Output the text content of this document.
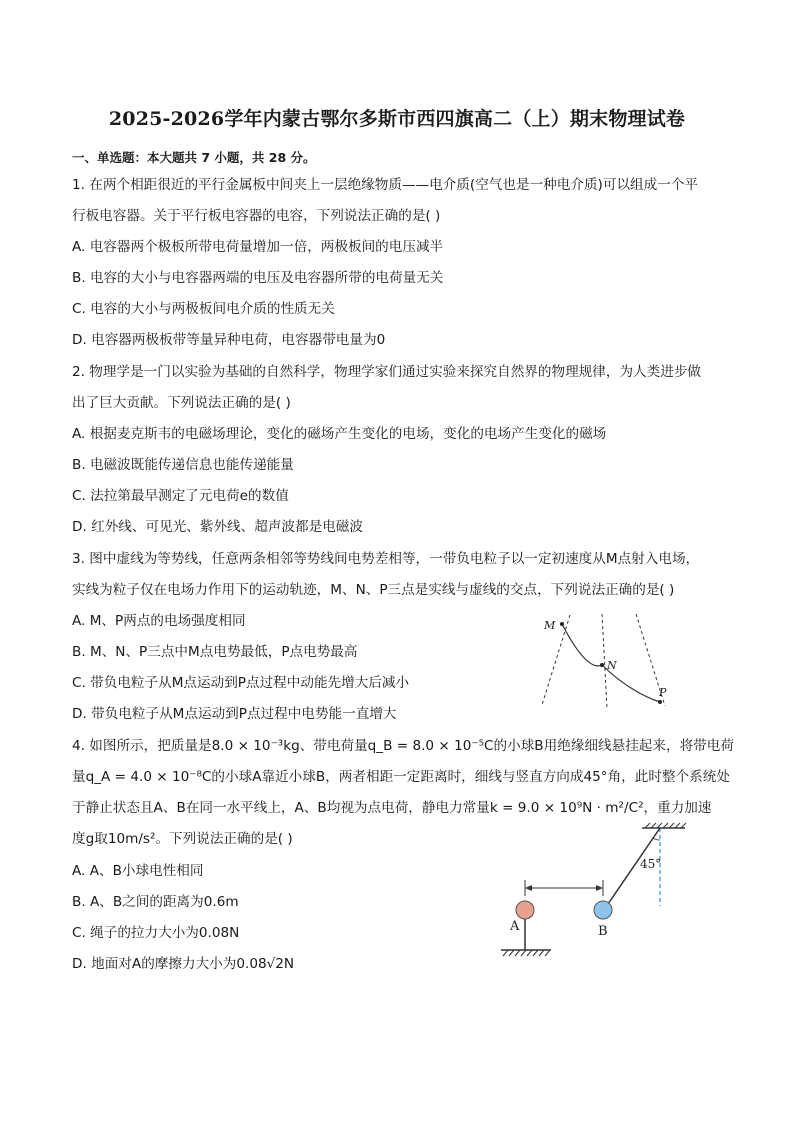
2025-2026学年内蒙古鄂尔多斯市西四旗高二（上）期末物理试卷
一、单选题：本大题共 7 小题，共 28 分。
1. 在两个相距很近的平行金属板中间夹上一层绝缘物质——电介质(空气也是一种电介质)可以组成一个平
行板电容器。关于平行板电容器的电容，下列说法正确的是( )
A. 电容器两个极板所带电荷量增加一倍，两极板间的电压减半
B. 电容的大小与电容器两端的电压及电容器所带的电荷量无关
C. 电容的大小与两极板间电介质的性质无关
D. 电容器两极板带等量异种电荷，电容器带电量为0
2. 物理学是一门以实验为基础的自然科学，物理学家们通过实验来探究自然界的物理规律，为人类进步做
出了巨大贡献。下列说法正确的是( )
A. 根据麦克斯韦的电磁场理论，变化的磁场产生变化的电场，变化的电场产生变化的磁场
B. 电磁波既能传递信息也能传递能量
C. 法拉第最早测定了元电荷e的数值
D. 红外线、可见光、紫外线、超声波都是电磁波
3. 图中虚线为等势线，任意两条相邻等势线间电势差相等，一带负电粒子以一定初速度从M点射入电场，
实线为粒子仅在电场力作用下的运动轨迹，M、N、P三点是实线与虚线的交点，下列说法正确的是( )
A. M、P两点的电场强度相同
B. M、N、P三点中M点电势最低，P点电势最高
C. 带负电粒子从M点运动到P点过程中动能先增大后减小
D. 带负电粒子从M点运动到P点过程中电势能一直增大
M
N
P
4. 如图所示，把质量是8.0 × 10⁻³kg、带电荷量q_B = 8.0 × 10⁻⁵C的小球B用绝缘细线悬挂起来，将带电荷
量q_A = 4.0 × 10⁻⁸C的小球A靠近小球B，两者相距一定距离时，细线与竖直方向成45°角，此时整个系统处
于静止状态且A、B在同一水平线上，A、B均视为点电荷，静电力常量k = 9.0 × 10⁹N · m²/C²，重力加速
度g取10m/s²。下列说法正确的是( )
A. A、B小球电性相同
B. A、B之间的距离为0.6m
C. 绳子的拉力大小为0.08N
D. 地面对A的摩擦力大小为0.08√2N
45°
A	B
